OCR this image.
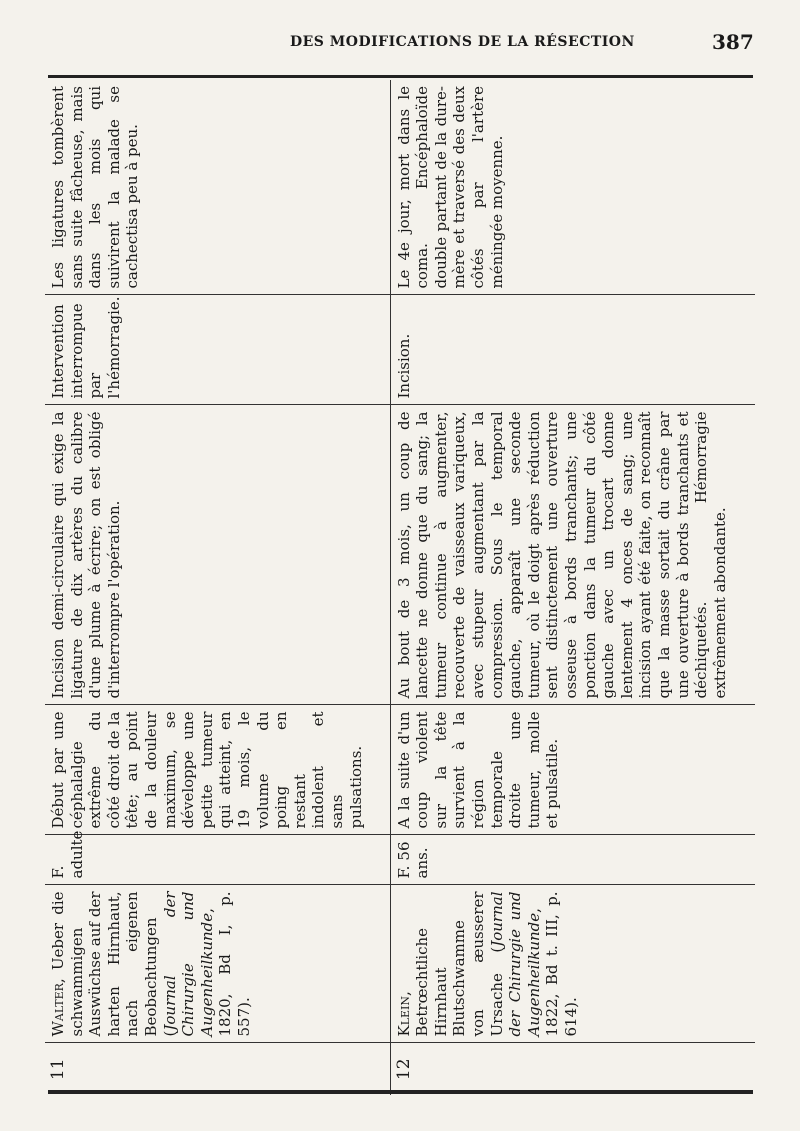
DES MODIFICATIONS DE LA RÉSECTION	387
11	Walter, Ueber die schwammigen Auswüchse auf der harten Hirnhaut, nach eigenen Beobachtungen (Journal der Chirurgie und Augenheilkunde, 1820, Bd I, p. 557).	F. adulte	Début par une céphalalgie extrême du côté droit de la tête; au point de la douleur maximum, se développe une petite tumeur qui atteint, en 19 mois, le volume du poing en restant indolent et sans pulsations.	Incision demi-circulaire qui exige la ligature de dix artères du calibre d'une plume à écrire; on est obligé d'interrompre l'opération.	Intervention interrompue par l'hémorragie.	Les ligatures tombèrent sans suite fâcheuse, mais dans les mois qui suivirent la malade se cachectisa peu à peu.
12	Klein, Betrœchtliche Hirnhaut Blutschwamme von æusserer Ursache (Journal der Chirurgie und Augenheilkunde, 1822, Bd t. III, p. 614).	F. 56 ans.	A la suite d'un coup violent sur la tête survient à la région temporale droite une tumeur, molle et pulsatile.	Au bout de 3 mois, un coup de lancette ne donne que du sang; la tumeur continue à augmenter, recouverte de vaisseaux variqueux, avec stupeur augmentant par la compression. Sous le temporal gauche, apparaît une seconde tumeur, où le doigt après réduction sent distinctement une ouverture osseuse à bords tranchants; une ponction dans la tumeur du côté gauche avec un trocart donne lentement 4 onces de sang; une incision ayant été faite, on reconnaît que la masse sortait du crâne par une ouverture à bords tranchants et déchiquetés. Hémorragie extrêmement abondante.	Incision.	Le 4e jour, mort dans le coma. Encéphaloïde double partant de la dure-mère et traversé des deux côtés par l'artère méningée moyenne.
